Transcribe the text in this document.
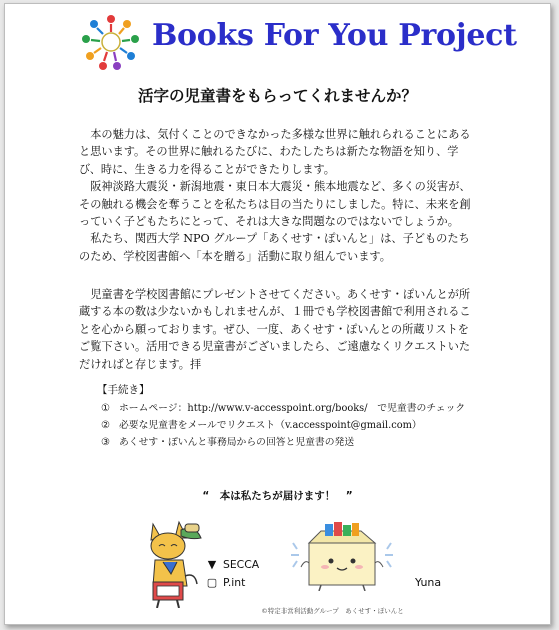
Books For You Project
活字の児童書をもらってくれませんか？

本の魅力は、気付くことのできなかった多様な世界に触れられることにあると思います。その世界に触れるたびに、わたしたちは新たな物語を知り、学び、時に、生きる力を得ることができたりします。

阪神淡路大震災・新潟地震・東日本大震災・熊本地震など、多くの災害が、その触れる機会を奪うことを私たちは目の当たりにしました。特に、未来を創っていく子どもたちにとって、それは大きな問題なのではないでしょうか。

私たち、関西大学 NPO グループ「あくせす・ぽいんと」は、子どものたちのため、学校図書館へ「本を贈る」活動に取り組んでいます。

児童書を学校図書館にプレゼントさせてください。あくせす・ぽいんとが所蔵する本の数は少ないかもしれませんが、１冊でも学校図書館で利用されることを心から願っております。ぜひ、一度、あくせす・ぽいんとの所蔵リストをご覧下さい。活用できる児童書がございましたら、ご遠慮なくリクエストいただければと存じます。拝

【手続き】
① ホームページ：http://www.v-accesspoint.org/books/　で児童書のチェック
② 必要な児童書をメールでリクエスト（v.accesspoint@gmail.com）
③ あくせす・ぽいんと事務局からの回答と児童書の発送
“　本は私たちが届けます！　”
▼ SECCA
▢ P.int	Yuna
©特定非営利活動グループ　あくせす・ぽいんと
